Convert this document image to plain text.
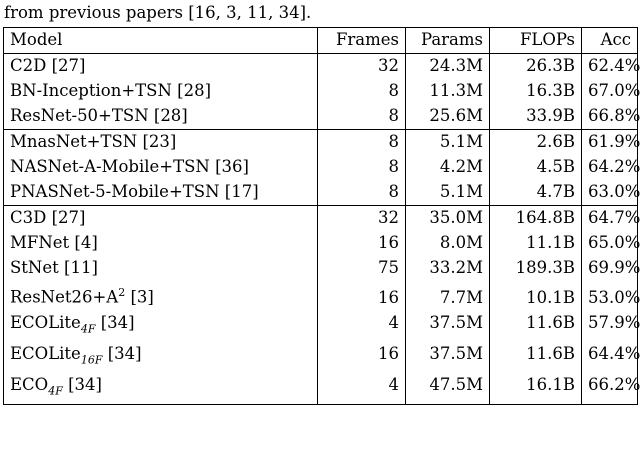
from previous papers [16, 3, 11, 34].
Model	Frames	Params	FLOPs	Acc
C2D [27]	32	24.3M	26.3B	62.4%
BN-Inception+TSN [28]	8	11.3M	16.3B	67.0%
ResNet-50+TSN [28]	8	25.6M	33.9B	66.8%
MnasNet+TSN [23]	8	5.1M	2.6B	61.9%
NASNet-A-Mobile+TSN [36]	8	4.2M	4.5B	64.2%
PNASNet-5-Mobile+TSN [17]	8	5.1M	4.7B	63.0%
C3D [27]	32	35.0M	164.8B	64.7%
MFNet [4]	16	8.0M	11.1B	65.0%
StNet [11]	75	33.2M	189.3B	69.9%
$ResNet26+A^2$ [3]	16	7.7M	10.1B	53.0%
ECOLite$_{4F}$ [34]	4	37.5M	11.6B	57.9%
ECOLite$_{16F}$ [34]	16	37.5M	11.6B	64.4%
$ECO_{4F}$ [34]	4	47.5M	16.1B	66.2%
